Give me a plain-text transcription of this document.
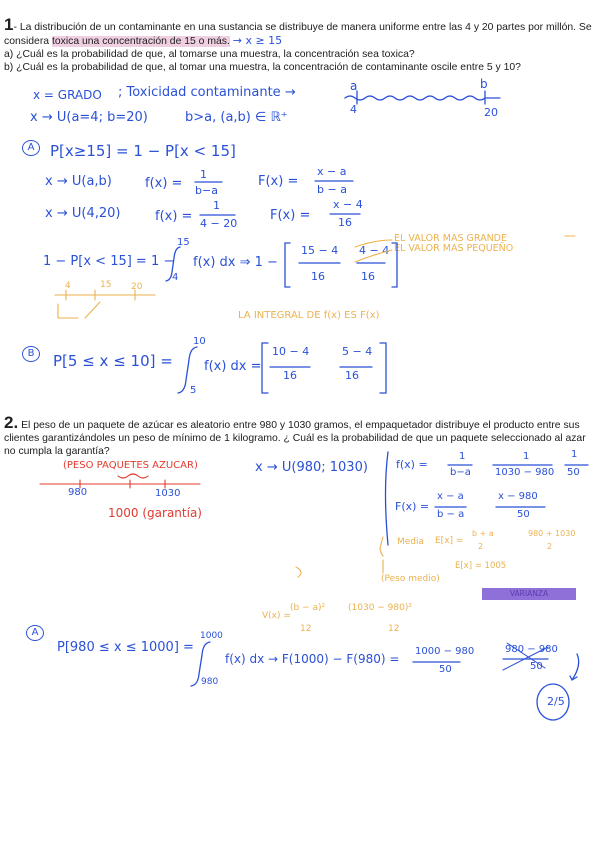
1- La distribución de un contaminante en una sustancia se distribuye de manera uniforme entre las 4 y 20 partes por millón. Se considera toxica una concentración de 15 o más. → x ≥ 15
a) ¿Cuál es la probabilidad de que, al tomarse una muestra, la concentración sea toxica?
b) ¿Cuál es la probabilidad de que, al tomar una muestra, la concentración de contaminante oscile entre 5 y 10?
x = GRADO ; Toxicidad contaminante →
x → U(a=4; b=20)	b>a, (a,b) ∈ ℝ⁺
a	b
4	20
A	P[x≥15] = 1 − P[x < 15]
x → U(a,b)	f(x) =
1
b−a
F(x) =
x − a
b − a
x → U(4,20)	f(x) =
1
4 − 20
F(x) =
x − 4
16
1 − P[x < 15] = 1 −
15
4
f(x) dx ⇒ 1 −
15 − 4
16
4 − 4
16
EL VALOR MAS GRANDE
EL VALOR MAS PEQUEÑO
4	15 20
LA INTEGRAL DE f(x) ES F(x)
B	P[5 ≤ x ≤ 10] =
10
5
f(x) dx =
10 − 4
16
5 − 4
16
2. El peso de un paquete de azúcar es aleatorio entre 980 y 1030 gramos, el empaquetador distribuye el producto entre sus clientes garantizándoles un peso de mínimo de 1 kilogramo. ¿ Cuál es la probabilidad de que un paquete seleccionado al azar no cumpla la garantía?
(PESO PAQUETES AZUCAR)
980	1030
1000 (garantía)
x → U(980; 1030)	f(x) =
1
b−a
1
1030 − 980
1
50
F(x) =
x − a
b − a
x − 980
50
Media E[x] =
b + a
2
980 + 1030
2
E[x] = 1005
(Peso medio)
V(x) =
(b − a)²
12
(1030 − 980)²
12
VARIANZA
A
P[980 ≤ x ≤ 1000] =
1000
980
f(x) dx → F(1000) − F(980) =
1000 − 980
50
980 − 980
50
2/5
